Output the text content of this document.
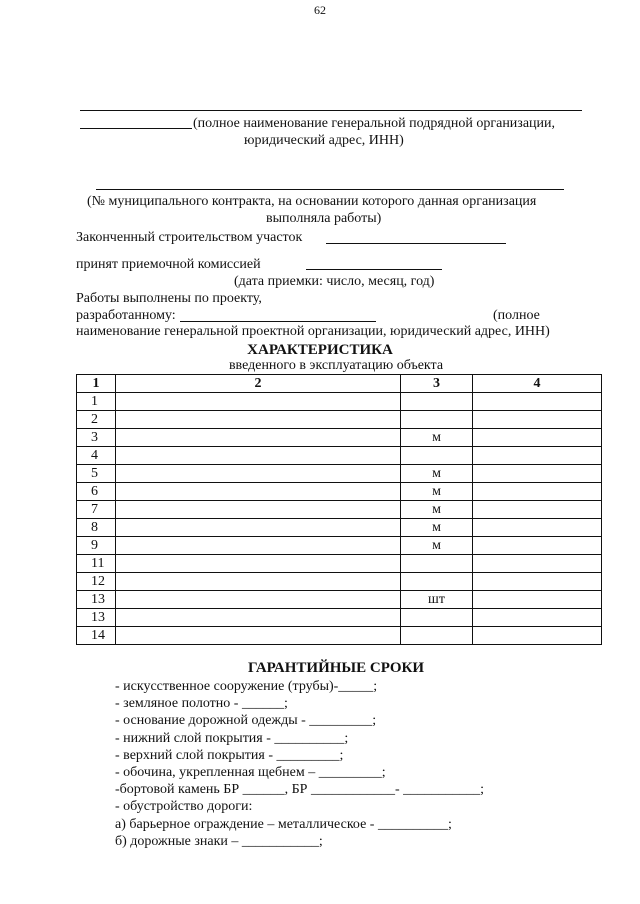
62
(полное наименование генеральной подрядной организации,
юридический адрес, ИНН)
(№ муниципального контракта, на основании которого данная организация
выполняла работы)
Законченный строительством участок
принят приемочной комиссией
(дата приемки: число, месяц, год)
Работы выполнены по проекту,
разработанному:	(полное
наименование генеральной проектной организации, юридический адрес, ИНН)
ХАРАКТЕРИСТИКА
введенного в эксплуатацию объекта
1	2	3	4
1			
2			
3		м	
4			
5		м	
6		м	
7		м	
8		м	
9		м	
11			
12			
13		шт	
13			
14			
ГАРАНТИЙНЫЕ СРОКИ
- искусственное сооружение (трубы)-_____;
- земляное полотно - ______;
- основание дорожной одежды - _________;
- нижний слой покрытия - __________;
- верхний слой покрытия - _________;
- обочина, укрепленная щебнем – _________;
-бортовой камень БР ______, БР ____________- ___________;
- обустройство дороги:
а) барьерное ограждение – металлическое - __________;
б) дорожные знаки – ___________;
